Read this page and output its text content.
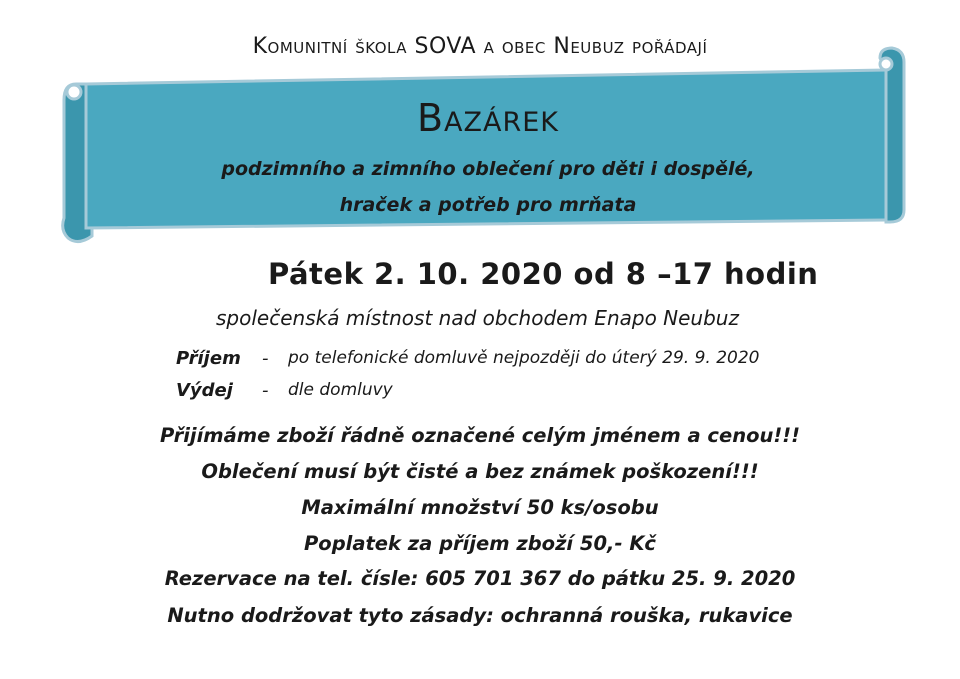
Komunitní škola SOVA a obec Neubuz pořádají
Bazárek
podzimního a zimního oblečení pro děti i dospělé,
hraček a potřeb pro mrňata
Pátek 2. 10. 2020 od 8 –17 hodin
společenská místnost nad obchodem Enapo Neubuz
Příjem - po telefonické domluvě nejpozději do úterý 29. 9. 2020
Výdej - dle domluvy
Přijímáme zboží řádně označené celým jménem a cenou!!!
Oblečení musí být čisté a bez známek poškození!!!
Maximální množství 50 ks/osobu
Poplatek za příjem zboží 50,- Kč
Rezervace na tel. čísle: 605 701 367 do pátku 25. 9. 2020
Nutno dodržovat tyto zásady: ochranná rouška, rukavice
